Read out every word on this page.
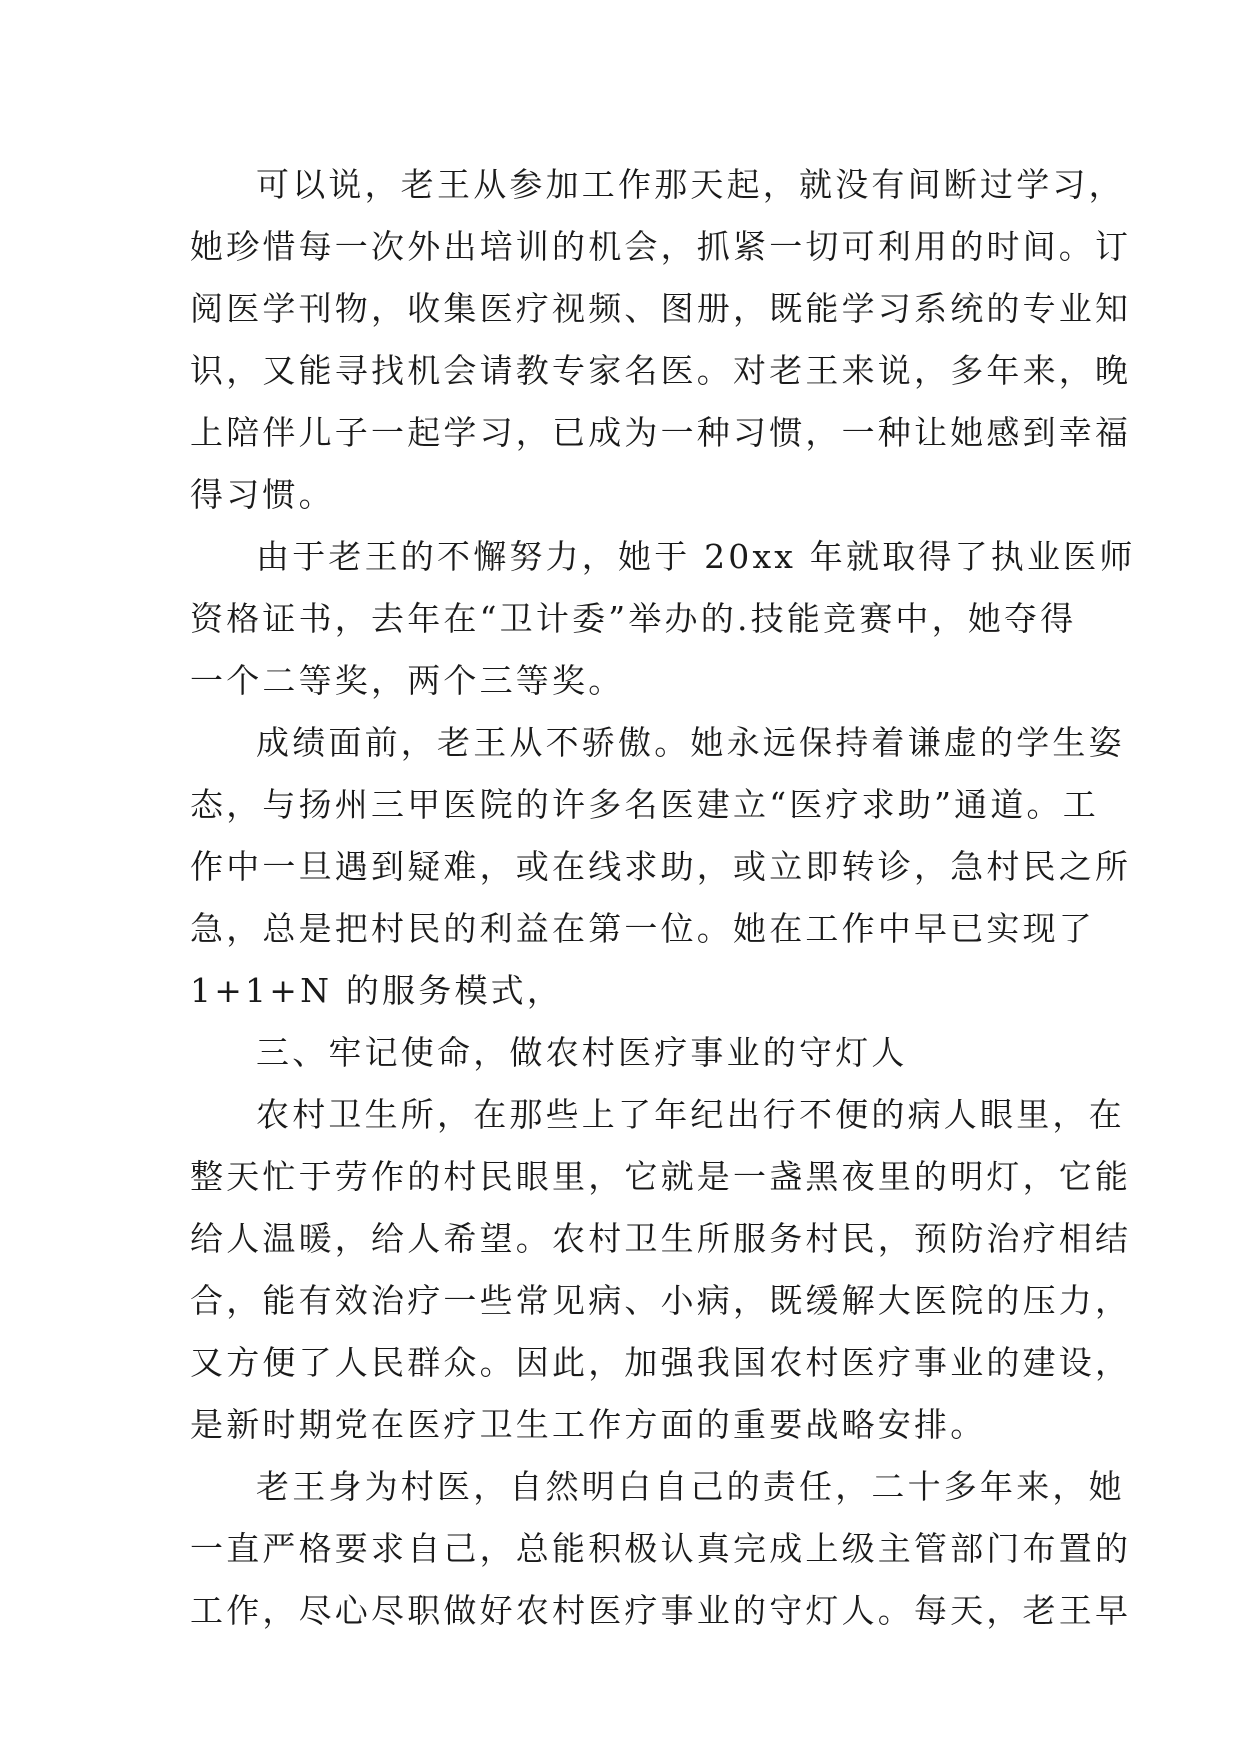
可以说，老王从参加工作那天起，就没有间断过学习，
她珍惜每一次外出培训的机会，抓紧一切可利用的时间。订
阅医学刊物，收集医疗视频、图册，既能学习系统的专业知
识，又能寻找机会请教专家名医。对老王来说，多年来，晚
上陪伴儿子一起学习，已成为一种习惯，一种让她感到幸福
得习惯。
由于老王的不懈努力，她于 20xx 年就取得了执业医师
资格证书，去年在“卫计委”举办的.技能竞赛中，她夺得
一个二等奖，两个三等奖。
成绩面前，老王从不骄傲。她永远保持着谦虚的学生姿
态，与扬州三甲医院的许多名医建立“医疗求助”通道。工
作中一旦遇到疑难，或在线求助，或立即转诊，急村民之所
急，总是把村民的利益在第一位。她在工作中早已实现了
1+1+N 的服务模式，
三、牢记使命，做农村医疗事业的守灯人
农村卫生所，在那些上了年纪出行不便的病人眼里，在
整天忙于劳作的村民眼里，它就是一盏黑夜里的明灯，它能
给人温暖，给人希望。农村卫生所服务村民，预防治疗相结
合，能有效治疗一些常见病、小病，既缓解大医院的压力，
又方便了人民群众。因此，加强我国农村医疗事业的建设，
是新时期党在医疗卫生工作方面的重要战略安排。
老王身为村医，自然明白自己的责任，二十多年来，她
一直严格要求自己，总能积极认真完成上级主管部门布置的
工作，尽心尽职做好农村医疗事业的守灯人。每天，老王早
